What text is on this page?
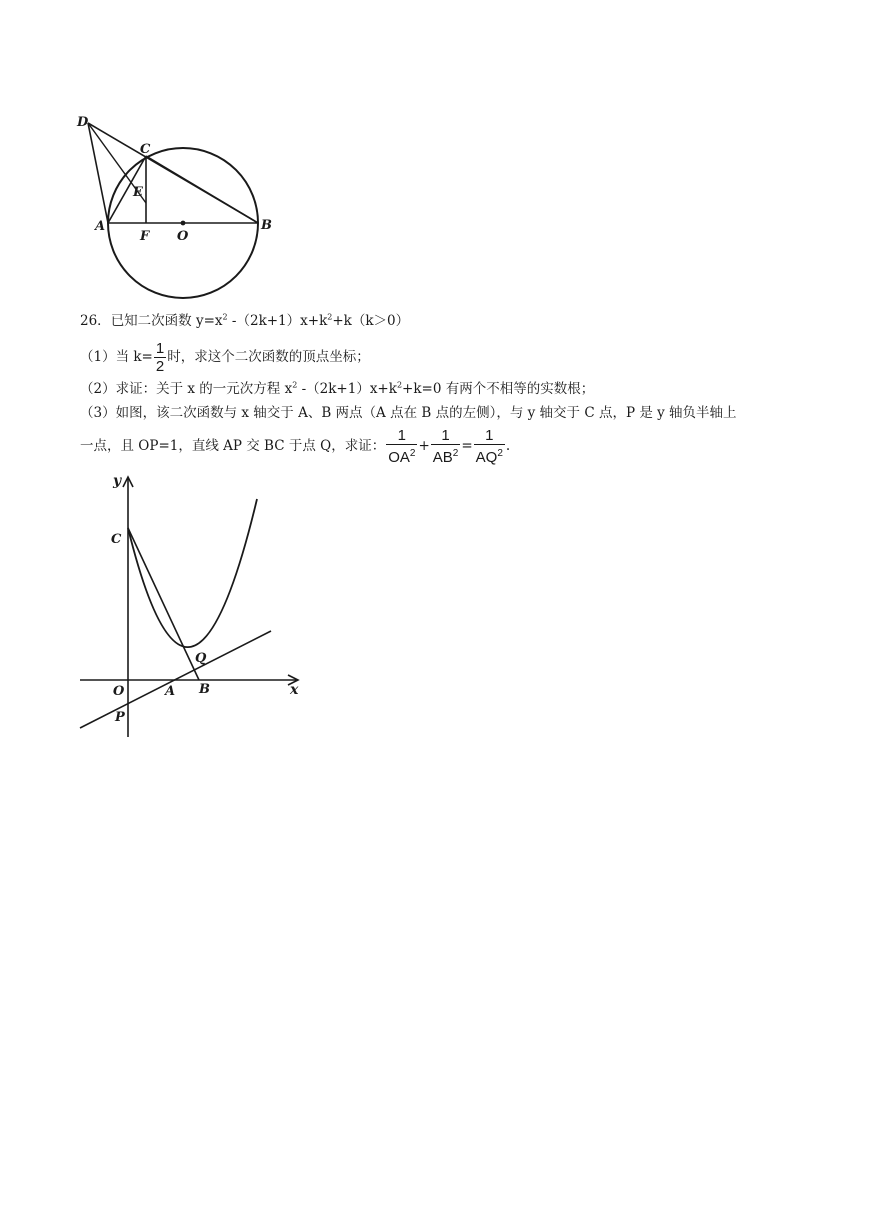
D
C
E
A
F O
B
26．已知二次函数 $y=x^2$ $-(2k+1)x+k^2+k(k>0)$
（1）当 $k= \frac{1}{2}$ 时，求这个二次函数的顶点坐标；
（2）求证：关于 x 的一元次方程 $x^2$ $-(2k+1)x+k^2+k=0$ 有两个不相等的实数根；
（3）如图，该二次函数与 x 轴交于 A、B 两点（A 点在 B 点的左侧），与 y 轴交于 C 点，P 是 y 轴负半轴上
一点，且 OP=1，直线 AP 交 BC 于点 Q，求证： $\frac{1}{OA^2} + \frac{1}{AB^2} = \frac{1}{AQ^2}$ .
y
x
C
Q
O	A B
P
